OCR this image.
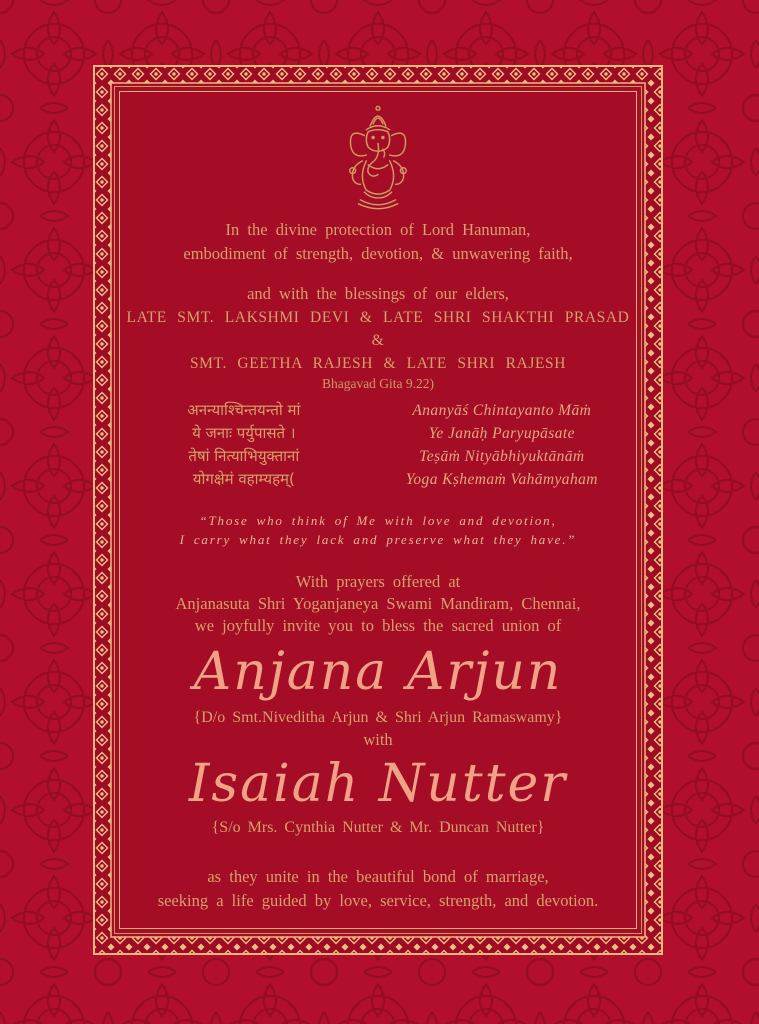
In the divine protection of Lord Hanuman,

embodiment of strength, devotion, & unwavering faith,

and with the blessings of our elders,

LATE SMT. LAKSHMI DEVI & LATE SHRI SHAKTHI PRASAD

&

SMT. GEETHA RAJESH & LATE SHRI RAJESH

Bhagavad Gita 9.22)

अनन्याश्चिन्तयन्तो मां	Ananyāś Chintayanto Māṁ
ये जनाः पर्युपासते ।	Ye Janāḥ Paryupāsate
तेषां नित्याभियुक्तानां	Teṣāṁ Nityābhiyuktānāṁ
योगक्षेमं वहाम्यहम्(	Yoga Kṣhemaṁ Vahāmyaham

“Those who think of Me with love and devotion,

I carry what they lack and preserve what they have.”

With prayers offered at

Anjanasuta Shri Yoganjaneya Swami Mandiram, Chennai,

we joyfully invite you to bless the sacred union of

Anjana Arjun

{D/o Smt.Niveditha Arjun & Shri Arjun Ramaswamy}

with

Isaiah Nutter

{S/o Mrs. Cynthia Nutter & Mr. Duncan Nutter}

as they unite in the beautiful bond of marriage,

seeking a life guided by love, service, strength, and devotion.
